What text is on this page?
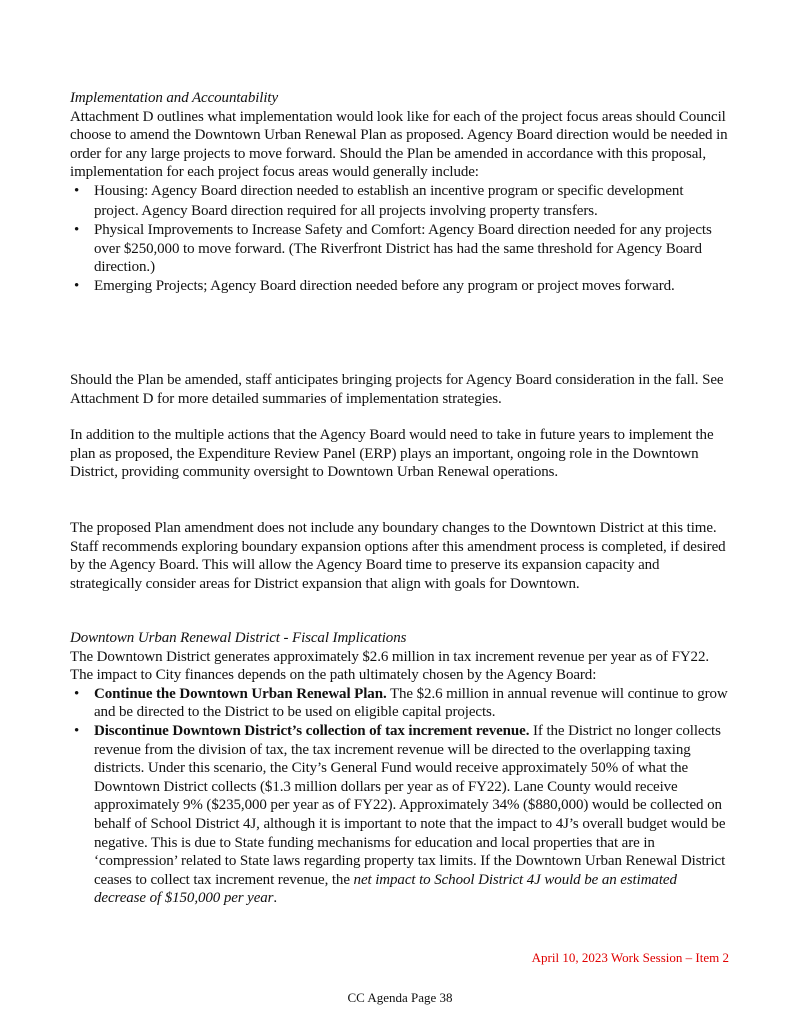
Implementation and Accountability

Attachment D outlines what implementation would look like for each of the project focus areas should Council choose to amend the Downtown Urban Renewal Plan as proposed. Agency Board direction would be needed in order for any large projects to move forward. Should the Plan be amended in accordance with this proposal, implementation for each project focus areas would generally include:

• Housing: Agency Board direction needed to establish an incentive program or specific development project. Agency Board direction required for all projects involving property transfers.
• Physical Improvements to Increase Safety and Comfort: Agency Board direction needed for any projects over $250,000 to move forward. (The Riverfront District has had the same threshold for Agency Board direction.)
• Emerging Projects; Agency Board direction needed before any program or project moves forward.
Should the Plan be amended, staff anticipates bringing projects for Agency Board consideration in the fall. See Attachment D for more detailed summaries of implementation strategies.
In addition to the multiple actions that the Agency Board would need to take in future years to implement the plan as proposed, the Expenditure Review Panel (ERP) plays an important, ongoing role in the Downtown District, providing community oversight to Downtown Urban Renewal operations.
The proposed Plan amendment does not include any boundary changes to the Downtown District at this time. Staff recommends exploring boundary expansion options after this amendment process is completed, if desired by the Agency Board. This will allow the Agency Board time to preserve its expansion capacity and strategically consider areas for District expansion that align with goals for Downtown.

Downtown Urban Renewal District - Fiscal Implications

The Downtown District generates approximately $2.6 million in tax increment revenue per year as of FY22. The impact to City finances depends on the path ultimately chosen by the Agency Board:

• Continue the Downtown Urban Renewal Plan. The $2.6 million in annual revenue will continue to grow and be directed to the District to be used on eligible capital projects.
• Discontinue Downtown District’s collection of tax increment revenue. If the District no longer collects revenue from the division of tax, the tax increment revenue will be directed to the overlapping taxing districts. Under this scenario, the City’s General Fund would receive approximately 50% of what the Downtown District collects ($1.3 million dollars per year as of FY22). Lane County would receive approximately 9% ($235,000 per year as of FY22). Approximately 34% ($880,000) would be collected on behalf of School District 4J, although it is important to note that the impact to 4J’s overall budget would be negative. This is due to State funding mechanisms for education and local properties that are in ‘compression’ related to State laws regarding property tax limits. If the Downtown Urban Renewal District ceases to collect tax increment revenue, the net impact to School District 4J would be an estimated decrease of $150,000 per year.
April 10, 2023 Work Session – Item 2
CC Agenda Page 38
